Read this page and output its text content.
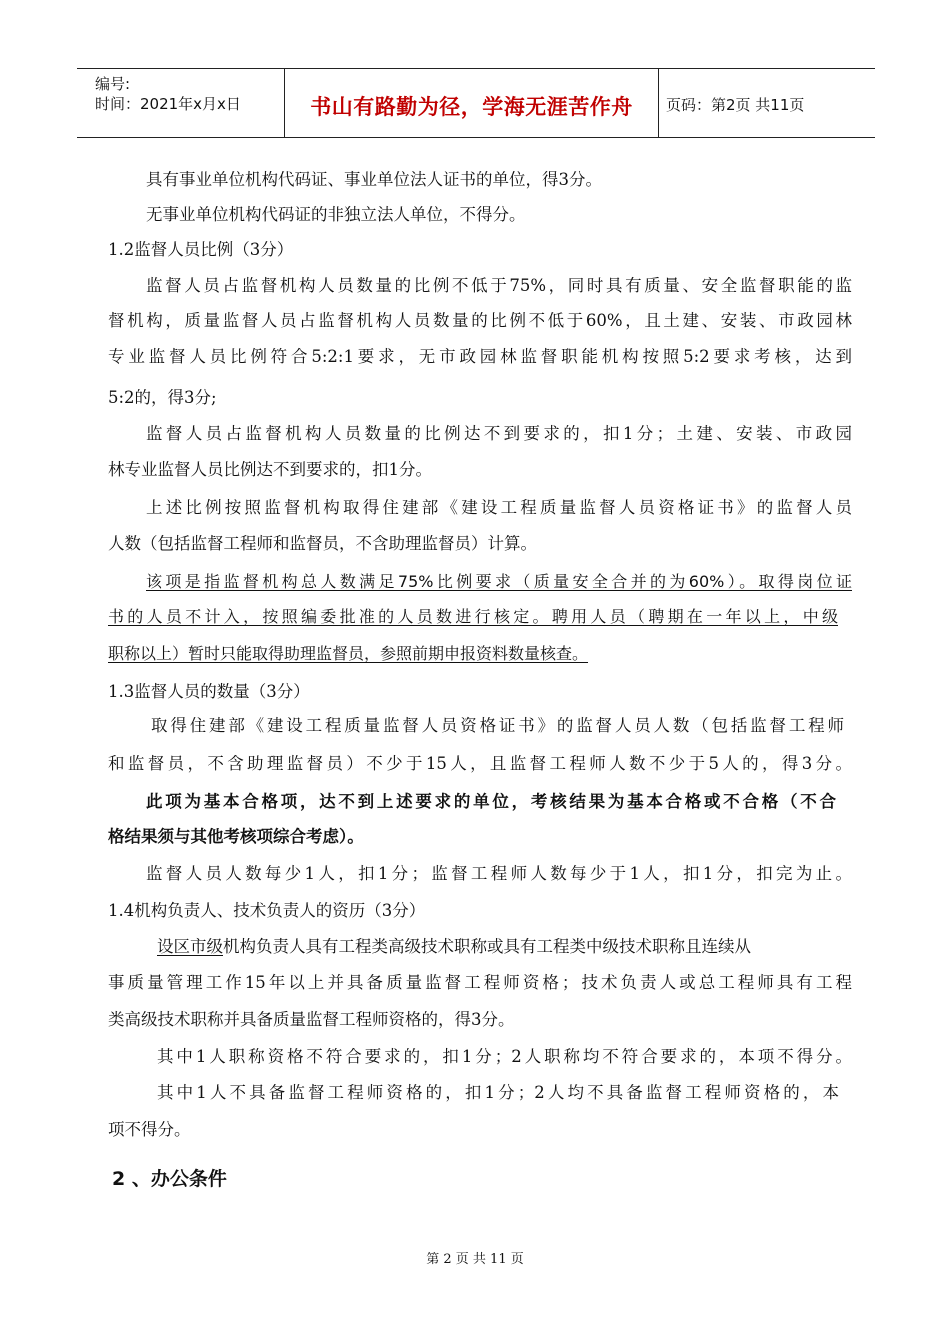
编号:
时间：2021年x月x日	书山有路勤为径，学海无涯苦作舟	页码：第2页 共11页
具有事业单位机构代码证、事业单位法人证书的单位，得3分。
无事业单位机构代码证的非独立法人单位，不得分。
1.2监督人员比例（3分）
监督人员占监督机构人员数量的比例不低于75%，同时具有质量、安全监督职能的监
督机构，质量监督人员占监督机构人员数量的比例不低于60%，且土建、安装、市政园林
专业监督人员比例符合5:2:1要求，无市政园林监督职能机构按照5:2要求考核，达到
5:2的，得3分;
监督人员占监督机构人员数量的比例达不到要求的，扣1分；土建、安装、市政园
林专业监督人员比例达不到要求的，扣1分。
上述比例按照监督机构取得住建部《建设工程质量监督人员资格证书》的监督人员
人数（包括监督工程师和监督员，不含助理监督员）计算。
该项是指监督机构总人数满足75%比例要求（质量安全合并的为60%）。取得岗位证
书的人员不计入，按照编委批准的人员数进行核定。聘用人员（聘期在一年以上，中级
职称以上）暂时只能取得助理监督员，参照前期申报资料数量核查。
1.3监督人员的数量（3分）
取得住建部《建设工程质量监督人员资格证书》的监督人员人数（包括监督工程师
和监督员，不含助理监督员）不少于15人，且监督工程师人数不少于5人的，得3分。
此项为基本合格项，达不到上述要求的单位，考核结果为基本合格或不合格（不合
格结果须与其他考核项综合考虑）。
监督人员人数每少1人，扣1分；监督工程师人数每少于1人，扣1分，扣完为止。
1.4机构负责人、技术负责人的资历（3分）
设区市级机构负责人具有工程类高级技术职称或具有工程类中级技术职称且连续从
事质量管理工作15年以上并具备质量监督工程师资格；技术负责人或总工程师具有工程
类高级技术职称并具备质量监督工程师资格的，得3分。
其中1人职称资格不符合要求的，扣1分；2人职称均不符合要求的，本项不得分。
其中1人不具备监督工程师资格的，扣1分；2人均不具备监督工程师资格的，本
项不得分。
2 、办公条件
第 2 页 共 11 页
